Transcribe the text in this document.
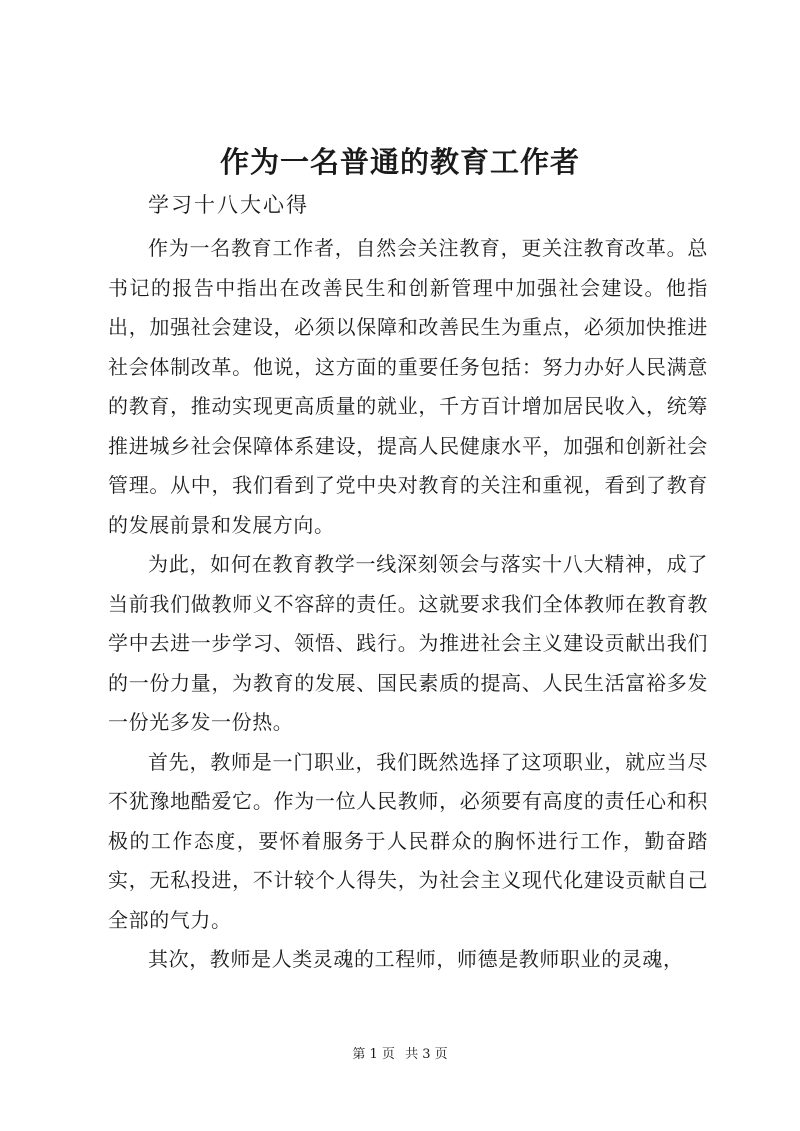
作为一名普通的教育工作者

学习十八大心得

作为一名教育工作者，自然会关注教育，更关注教育改革。总书记的报告中指出在改善民生和创新管理中加强社会建设。他指出，加强社会建设，必须以保障和改善民生为重点，必须加快推进社会体制改革。他说，这方面的重要任务包括：努力办好人民满意的教育，推动实现更高质量的就业，千方百计增加居民收入，统筹推进城乡社会保障体系建设，提高人民健康水平，加强和创新社会管理。从中，我们看到了党中央对教育的关注和重视，看到了教育的发展前景和发展方向。

为此，如何在教育教学一线深刻领会与落实十八大精神，成了当前我们做教师义不容辞的责任。这就要求我们全体教师在教育教学中去进一步学习、领悟、践行。为推进社会主义建设贡献出我们的一份力量，为教育的发展、国民素质的提高、人民生活富裕多发一份光多发一份热。

首先，教师是一门职业，我们既然选择了这项职业，就应当尽不犹豫地酷爱它。作为一位人民教师，必须要有高度的责任心和积极的工作态度，要怀着服务于人民群众的胸怀进行工作，勤奋踏实，无私投进，不计较个人得失，为社会主义现代化建设贡献自己全部的气力。

其次，教师是人类灵魂的工程师，师德是教师职业的灵魂，

第 1 页 共 3 页
